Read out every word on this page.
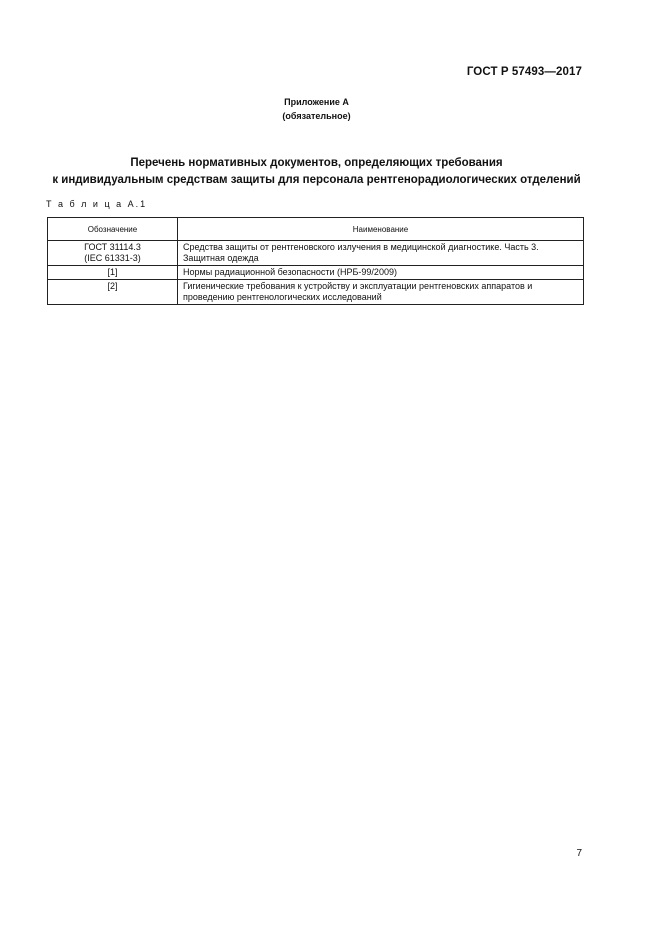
ГОСТ Р 57493—2017
Приложение А
(обязательное)
Перечень нормативных документов, определяющих требования
к индивидуальным средствам защиты для персонала рентгенорадиологических отделений
Т а б л и ц а А.1
Обозначение	Наименование

ГОСТ 31114.3
(IEC 61331-3)	Средства защиты от рентгеновского излучения в медицинской диагностике. Часть 3. Защитная одежда

[1]	Нормы радиационной безопасности (НРБ-99/2009)

[2]	Гигиенические требования к устройству и эксплуатации рентгеновских аппаратов и проведению рентгенологических исследований
7
